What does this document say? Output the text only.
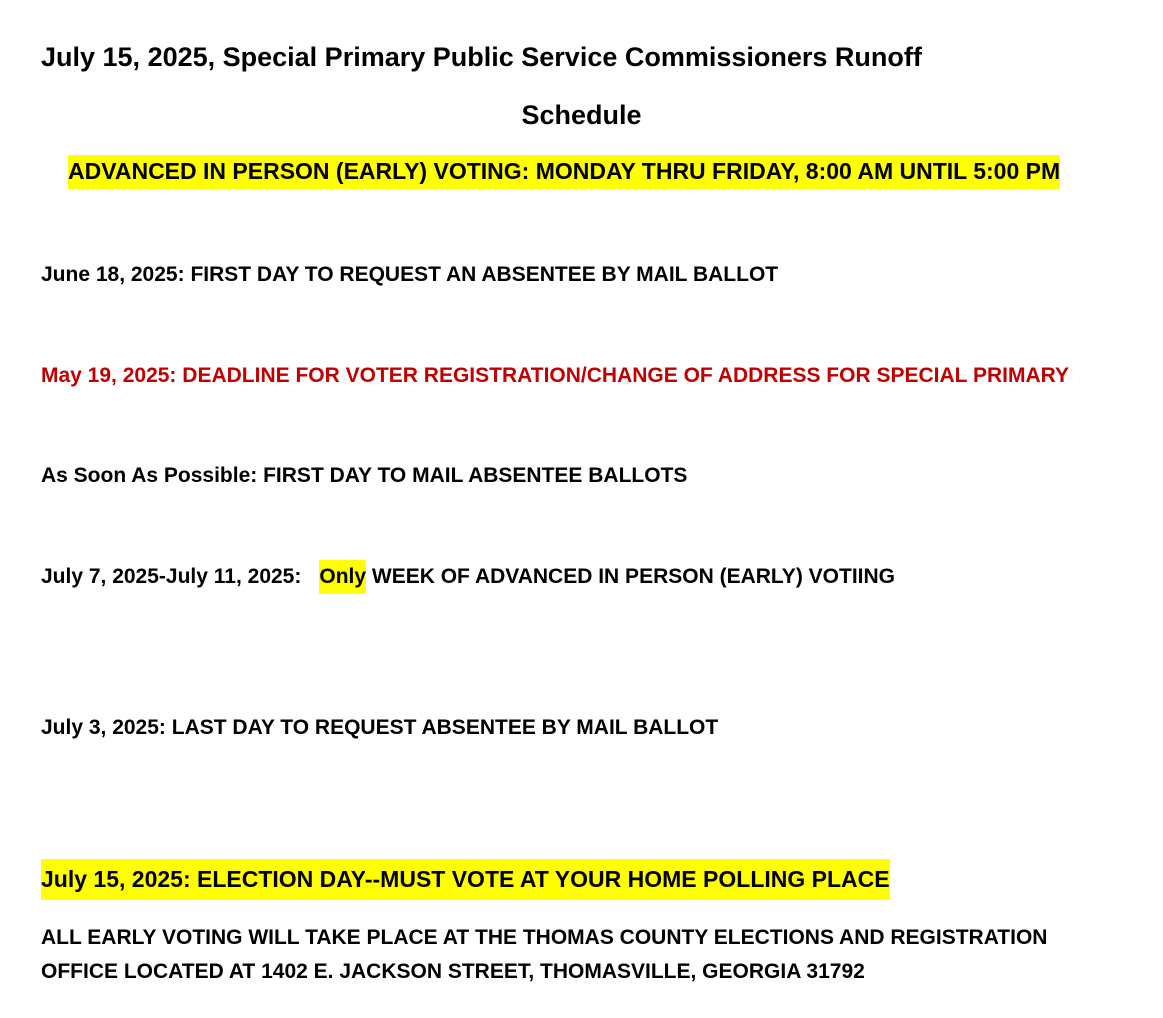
July 15, 2025, Special Primary Public Service Commissioners Runoff
Schedule
ADVANCED IN PERSON (EARLY) VOTING: MONDAY THRU FRIDAY, 8:00 AM UNTIL 5:00 PM
June 18, 2025: FIRST DAY TO REQUEST AN ABSENTEE BY MAIL BALLOT
May 19, 2025: DEADLINE FOR VOTER REGISTRATION/CHANGE OF ADDRESS FOR SPECIAL PRIMARY
As Soon As Possible: FIRST DAY TO MAIL ABSENTEE BALLOTS
July 7, 2025-July 11, 2025: Only WEEK OF ADVANCED IN PERSON (EARLY) VOTIING
July 3, 2025: LAST DAY TO REQUEST ABSENTEE BY MAIL BALLOT
July 15, 2025: ELECTION DAY--MUST VOTE AT YOUR HOME POLLING PLACE
ALL EARLY VOTING WILL TAKE PLACE AT THE THOMAS COUNTY ELECTIONS AND REGISTRATION OFFICE LOCATED AT 1402 E. JACKSON STREET, THOMASVILLE, GEORGIA 31792
